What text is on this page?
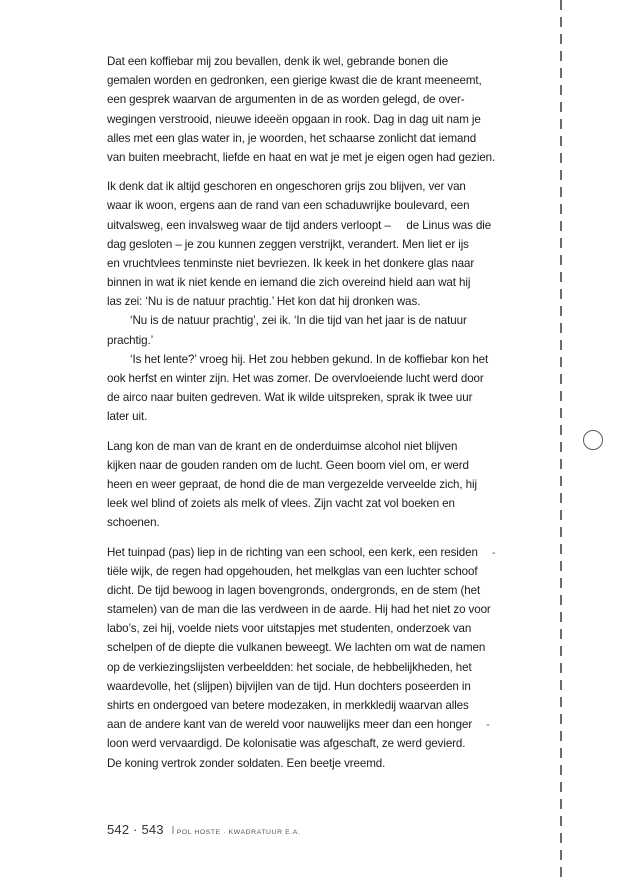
Dat een koffiebar mij zou bevallen, denk ik wel, gebrande bonen die
gemalen worden en gedronken, een gierige kwast die de krant meeneemt,
een gesprek waarvan de argumenten in de as worden gelegd, de over-
wegingen verstrooid, nieuwe ideeën opgaan in rook. Dag in dag uit nam je
alles met een glas water in, je woorden, het schaarse zonlicht dat iemand
van buiten meebracht, liefde en haat en wat je met je eigen ogen had gezien.
Ik denk dat ik altijd geschoren en ongeschoren grijs zou blijven, ver van
waar ik woon, ergens aan de rand van een schaduwrijke boulevard, een
uitvalsweg, een invalsweg waar de tijd anders verloopt –     de Linus was die
dag gesloten – je zou kunnen zeggen verstrijkt, verandert. Men liet er ijs
en vruchtvlees tenminste niet bevriezen. Ik keek in het donkere glas naar
binnen in wat ik niet kende en iemand die zich overeind hield aan wat hij
las zei: ‘Nu is de natuur prachtig.’ Het kon dat hij dronken was.
‘Nu is de natuur prachtig’, zei ik. ‘In die tijd van het jaar is de natuur
prachtig.’
‘Is het lente?’ vroeg hij. Het zou hebben gekund. In de koffiebar kon het
ook herfst en winter zijn. Het was zomer. De overvloeiende lucht werd door
de airco naar buiten gedreven. Wat ik wilde uitspreken, sprak ik twee uur
later uit.
Lang kon de man van de krant en de onderduimse alcohol niet blijven
kijken naar de gouden randen om de lucht. Geen boom viel om, er werd
heen en weer gepraat, de hond die de man vergezelde verveelde zich, hij
leek wel blind of zoiets als melk of vlees. Zijn vacht zat vol boeken en
schoenen.
Het tuinpad (pas) liep in de richting van een school, een kerk, een residen -
tiële wijk, de regen had opgehouden, het melkglas van een luchter schoof
dicht. De tijd bewoog in lagen bovengronds, ondergronds, en de stem (het
stamelen) van de man die las verdween in de aarde. Hij had het niet zo voor
labo’s, zei hij, voelde niets voor uitstapjes met studenten, onderzoek van
schelpen of de diepte die vulkanen beweegt. We lachten om wat de namen
op de verkiezingslijsten verbeeldden: het sociale, de hebbelijkheden, het
waardevolle, het (slijpen) bijvijlen van de tijd. Hun dochters poseerden in
shirts en ondergoed van betere modezaken, in merkkledij waarvan alles
aan de andere kant van de wereld voor nauwelijks meer dan een honger -
loon werd vervaardigd. De kolonisatie was afgeschaft, ze werd gevierd.
De koning vertrok zonder soldaten. Een beetje vreemd.
542 · 543 POL HOSTE · KWADRATUUR E.A.
